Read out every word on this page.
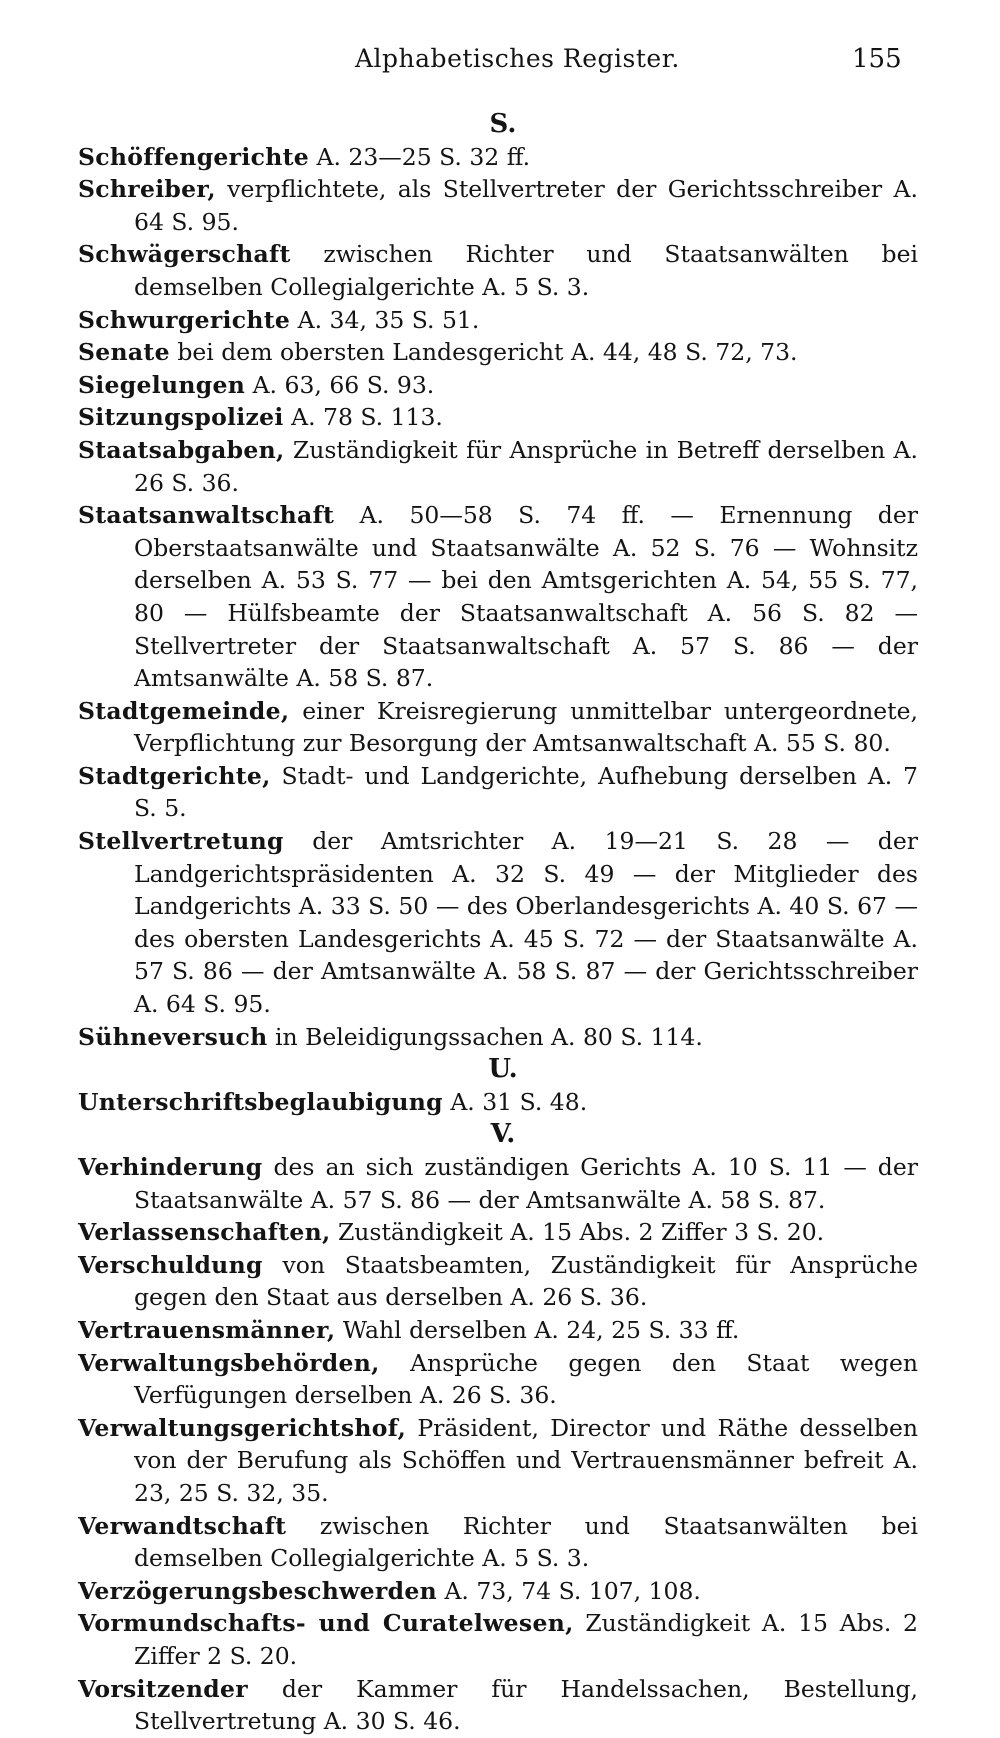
Alphabetisches Register.	155
S.
Schöffengerichte A. 23—25 S. 32 ff.
Schreiber, verpflichtete, als Stellvertreter der Gerichtsschreiber A. 64 S. 95.
Schwägerschaft zwischen Richter und Staatsanwälten bei demselben Collegialgerichte A. 5 S. 3.
Schwurgerichte A. 34, 35 S. 51.
Senate bei dem obersten Landesgericht A. 44, 48 S. 72, 73.
Siegelungen A. 63, 66 S. 93.
Sitzungspolizei A. 78 S. 113.
Staatsabgaben, Zuständigkeit für Ansprüche in Betreff derselben A. 26 S. 36.
Staatsanwaltschaft A. 50—58 S. 74 ff. — Ernennung der Oberstaatsanwälte und Staatsanwälte A. 52 S. 76 — Wohnsitz derselben A. 53 S. 77 — bei den Amtsgerichten A. 54, 55 S. 77, 80 — Hülfsbeamte der Staatsanwaltschaft A. 56 S. 82 — Stellvertreter der Staatsanwaltschaft A. 57 S. 86 — der Amtsanwälte A. 58 S. 87.
Stadtgemeinde, einer Kreisregierung unmittelbar untergeordnete, Verpflichtung zur Besorgung der Amtsanwaltschaft A. 55 S. 80.
Stadtgerichte, Stadt- und Landgerichte, Aufhebung derselben A. 7 S. 5.
Stellvertretung der Amtsrichter A. 19—21 S. 28 — der Landgerichtspräsidenten A. 32 S. 49 — der Mitglieder des Landgerichts A. 33 S. 50 — des Oberlandesgerichts A. 40 S. 67 — des obersten Landesgerichts A. 45 S. 72 — der Staatsanwälte A. 57 S. 86 — der Amtsanwälte A. 58 S. 87 — der Gerichtsschreiber A. 64 S. 95.
Sühneversuch in Beleidigungssachen A. 80 S. 114.
U.
Unterschriftsbeglaubigung A. 31 S. 48.
V.
Verhinderung des an sich zuständigen Gerichts A. 10 S. 11 — der Staatsanwälte A. 57 S. 86 — der Amtsanwälte A. 58 S. 87.
Verlassenschaften, Zuständigkeit A. 15 Abs. 2 Ziffer 3 S. 20.
Verschuldung von Staatsbeamten, Zuständigkeit für Ansprüche gegen den Staat aus derselben A. 26 S. 36.
Vertrauensmänner, Wahl derselben A. 24, 25 S. 33 ff.
Verwaltungsbehörden, Ansprüche gegen den Staat wegen Verfügungen derselben A. 26 S. 36.
Verwaltungsgerichtshof, Präsident, Director und Räthe desselben von der Berufung als Schöffen und Vertrauensmänner befreit A. 23, 25 S. 32, 35.
Verwandtschaft zwischen Richter und Staatsanwälten bei demselben Collegialgerichte A. 5 S. 3.
Verzögerungsbeschwerden A. 73, 74 S. 107, 108.
Vormundschafts- und Curatelwesen, Zuständigkeit A. 15 Abs. 2 Ziffer 2 S. 20.
Vorsitzender der Kammer für Handelssachen, Bestellung, Stellvertretung A. 30 S. 46.
